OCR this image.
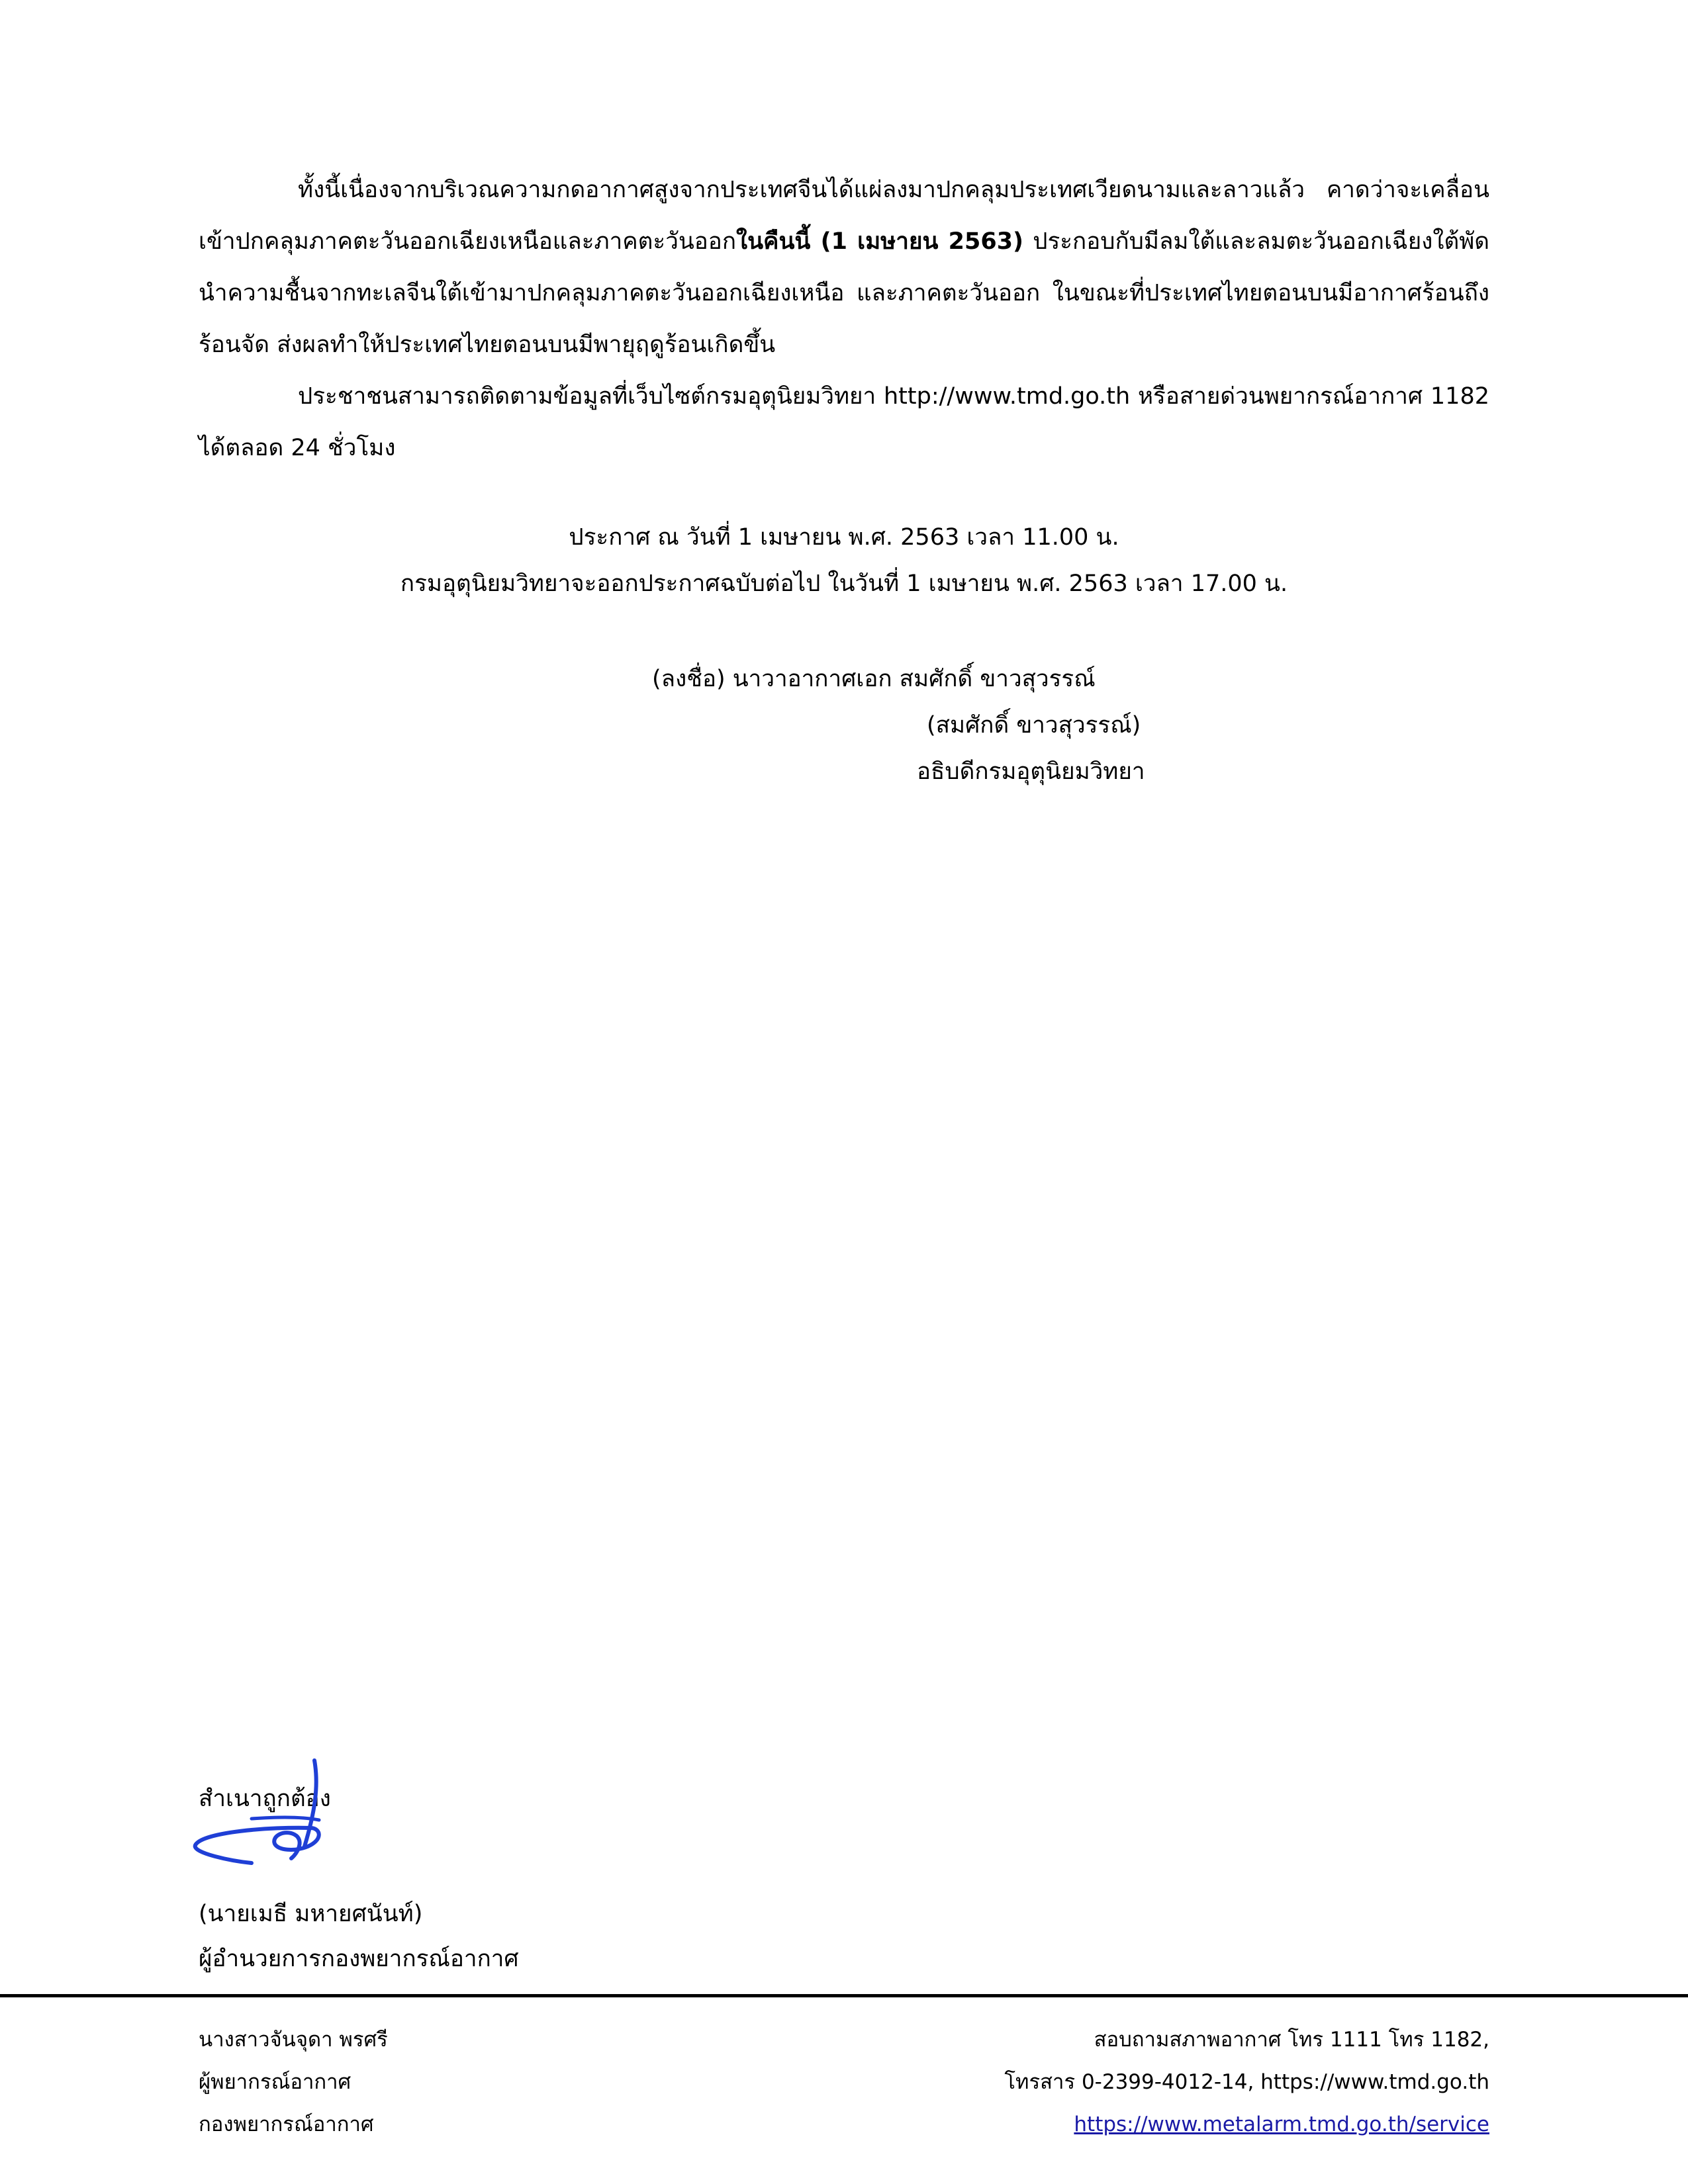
ทั้งนี้เนื่องจากบริเวณความกดอากาศสูงจากประเทศจีนได้แผ่ลงมาปกคลุมประเทศเวียดนามและลาวแล้ว คาดว่าจะเคลื่อนเข้าปกคลุมภาคตะวันออกเฉียงเหนือและภาคตะวันออกในคืนนี้ (1 เมษายน 2563) ประกอบกับมีลมใต้และลมตะวันออกเฉียงใต้พัดนำความชื้นจากทะเลจีนใต้เข้ามาปกคลุมภาคตะวันออกเฉียงเหนือ และภาคตะวันออก ในขณะที่ประเทศไทยตอนบนมีอากาศร้อนถึงร้อนจัด ส่งผลทำให้ประเทศไทยตอนบนมีพายุฤดูร้อนเกิดขึ้น
ประชาชนสามารถติดตามข้อมูลที่เว็บไซต์กรมอุตุนิยมวิทยา http://www.tmd.go.th หรือสายด่วนพยากรณ์อากาศ 1182 ได้ตลอด 24 ชั่วโมง
ประกาศ ณ วันที่ 1 เมษายน พ.ศ. 2563 เวลา 11.00 น.
กรมอุตุนิยมวิทยาจะออกประกาศฉบับต่อไป ในวันที่ 1 เมษายน พ.ศ. 2563 เวลา 17.00 น.
(ลงชื่อ) นาวาอากาศเอก สมศักดิ์ ขาวสุวรรณ์
(สมศักดิ์ ขาวสุวรรณ์)
อธิบดีกรมอุตุนิยมวิทยา
สำเนาถูกต้อง
(นายเมธี มหายศนันท์)
ผู้อำนวยการกองพยากรณ์อากาศ
นางสาวจันจุดา พรศรี
ผู้พยากรณ์อากาศ
กองพยากรณ์อากาศ
สอบถามสภาพอากาศ โทร 1111 โทร 1182,
โทรสาร 0-2399-4012-14, https://www.tmd.go.th
https://www.metalarm.tmd.go.th/service
